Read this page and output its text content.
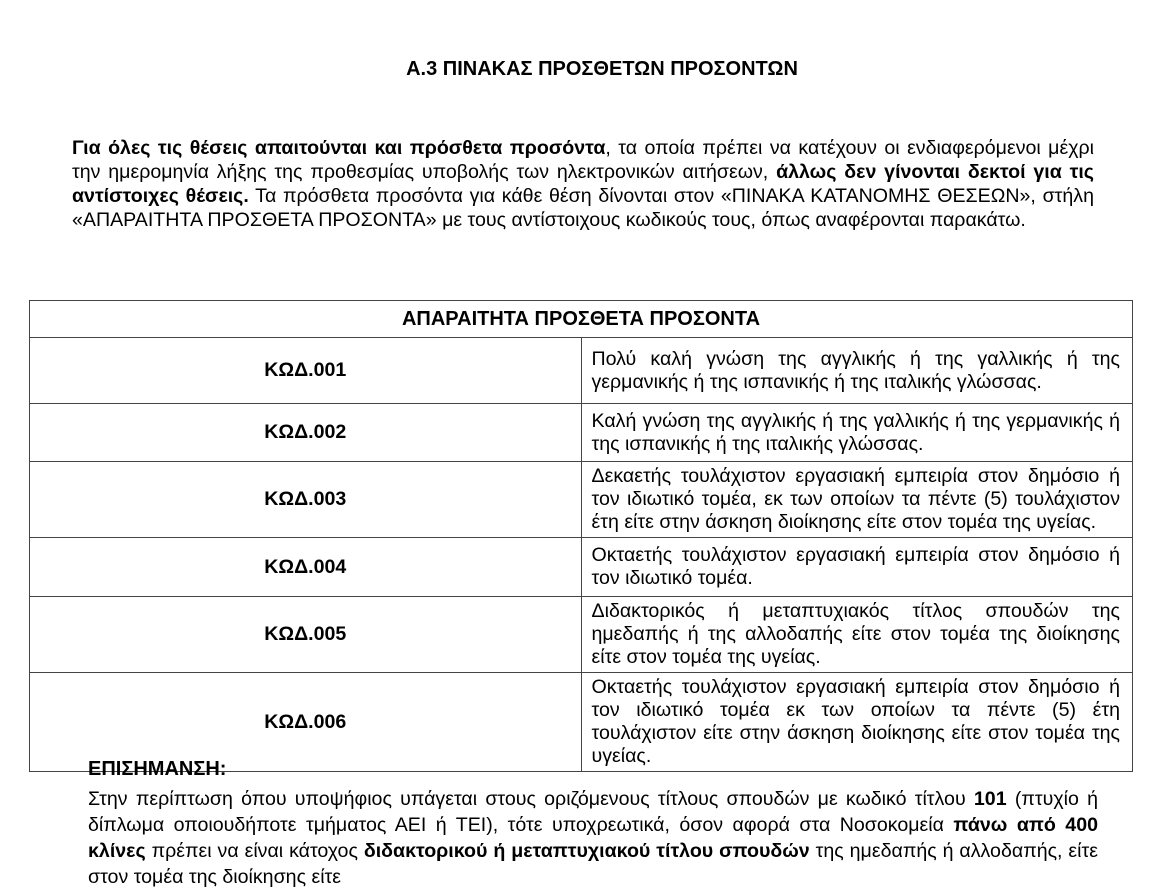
Α.3 ΠΙΝΑΚΑΣ ΠΡΟΣΘΕΤΩΝ ΠΡΟΣΟΝΤΩΝ
Για όλες τις θέσεις απαιτούνται και πρόσθετα προσόντα, τα οποία πρέπει να κατέχουν οι ενδιαφερόμενοι μέχρι την ημερομηνία λήξης της προθεσμίας υποβολής των ηλεκτρονικών αιτήσεων, άλλως δεν γίνονται δεκτοί για τις αντίστοιχες θέσεις. Τα πρόσθετα προσόντα για κάθε θέση δίνονται στον «ΠΙΝΑΚΑ ΚΑΤΑΝΟΜΗΣ ΘΕΣΕΩΝ», στήλη «ΑΠΑΡΑΙΤΗΤΑ ΠΡΟΣΘΕΤΑ ΠΡΟΣΟΝΤΑ» με τους αντίστοιχους κωδικούς τους, όπως αναφέρονται παρακάτω.
ΑΠΑΡΑΙΤΗΤΑ ΠΡΟΣΘΕΤΑ ΠΡΟΣΟΝΤΑ	
ΚΩΔ.001	Πολύ καλή γνώση της αγγλικής ή της γαλλικής ή της γερμανικής ή της ισπανικής ή της ιταλικής γλώσσας.
ΚΩΔ.002	Καλή γνώση της αγγλικής ή της γαλλικής ή της γερμανικής ή της ισπανικής ή της ιταλικής γλώσσας.
ΚΩΔ.003	Δεκαετής τουλάχιστον εργασιακή εμπειρία στον δημόσιο ή τον ιδιωτικό τομέα, εκ των οποίων τα πέντε (5) τουλάχιστον έτη είτε στην άσκηση διοίκησης είτε στον τομέα της υγείας.
ΚΩΔ.004	Οκταετής τουλάχιστον εργασιακή εμπειρία στον δημόσιο ή τον ιδιωτικό τομέα.
ΚΩΔ.005	Διδακτορικός ή μεταπτυχιακός τίτλος σπουδών της ημεδαπής ή της αλλοδαπής είτε στον τομέα της διοίκησης είτε στον τομέα της υγείας.
ΚΩΔ.006	Οκταετής τουλάχιστον εργασιακή εμπειρία στον δημόσιο ή τον ιδιωτικό τομέα εκ των οποίων τα πέντε (5) έτη τουλάχιστον είτε στην άσκηση διοίκησης είτε στον τομέα της υγείας.
ΕΠΙΣΗΜΑΝΣΗ:
Στην περίπτωση όπου υποψήφιος υπάγεται στους οριζόμενους τίτλους σπουδών με κωδικό τίτλου 101 (πτυχίο ή δίπλωμα οποιουδήποτε τμήματος ΑΕΙ ή ΤΕΙ), τότε υποχρεωτικά, όσον αφορά στα Νοσοκομεία πάνω από 400 κλίνες πρέπει να είναι κάτοχος διδακτορικού ή μεταπτυχιακού τίτλου σπουδών της ημεδαπής ή αλλοδαπής, είτε στον τομέα της διοίκησης είτε
